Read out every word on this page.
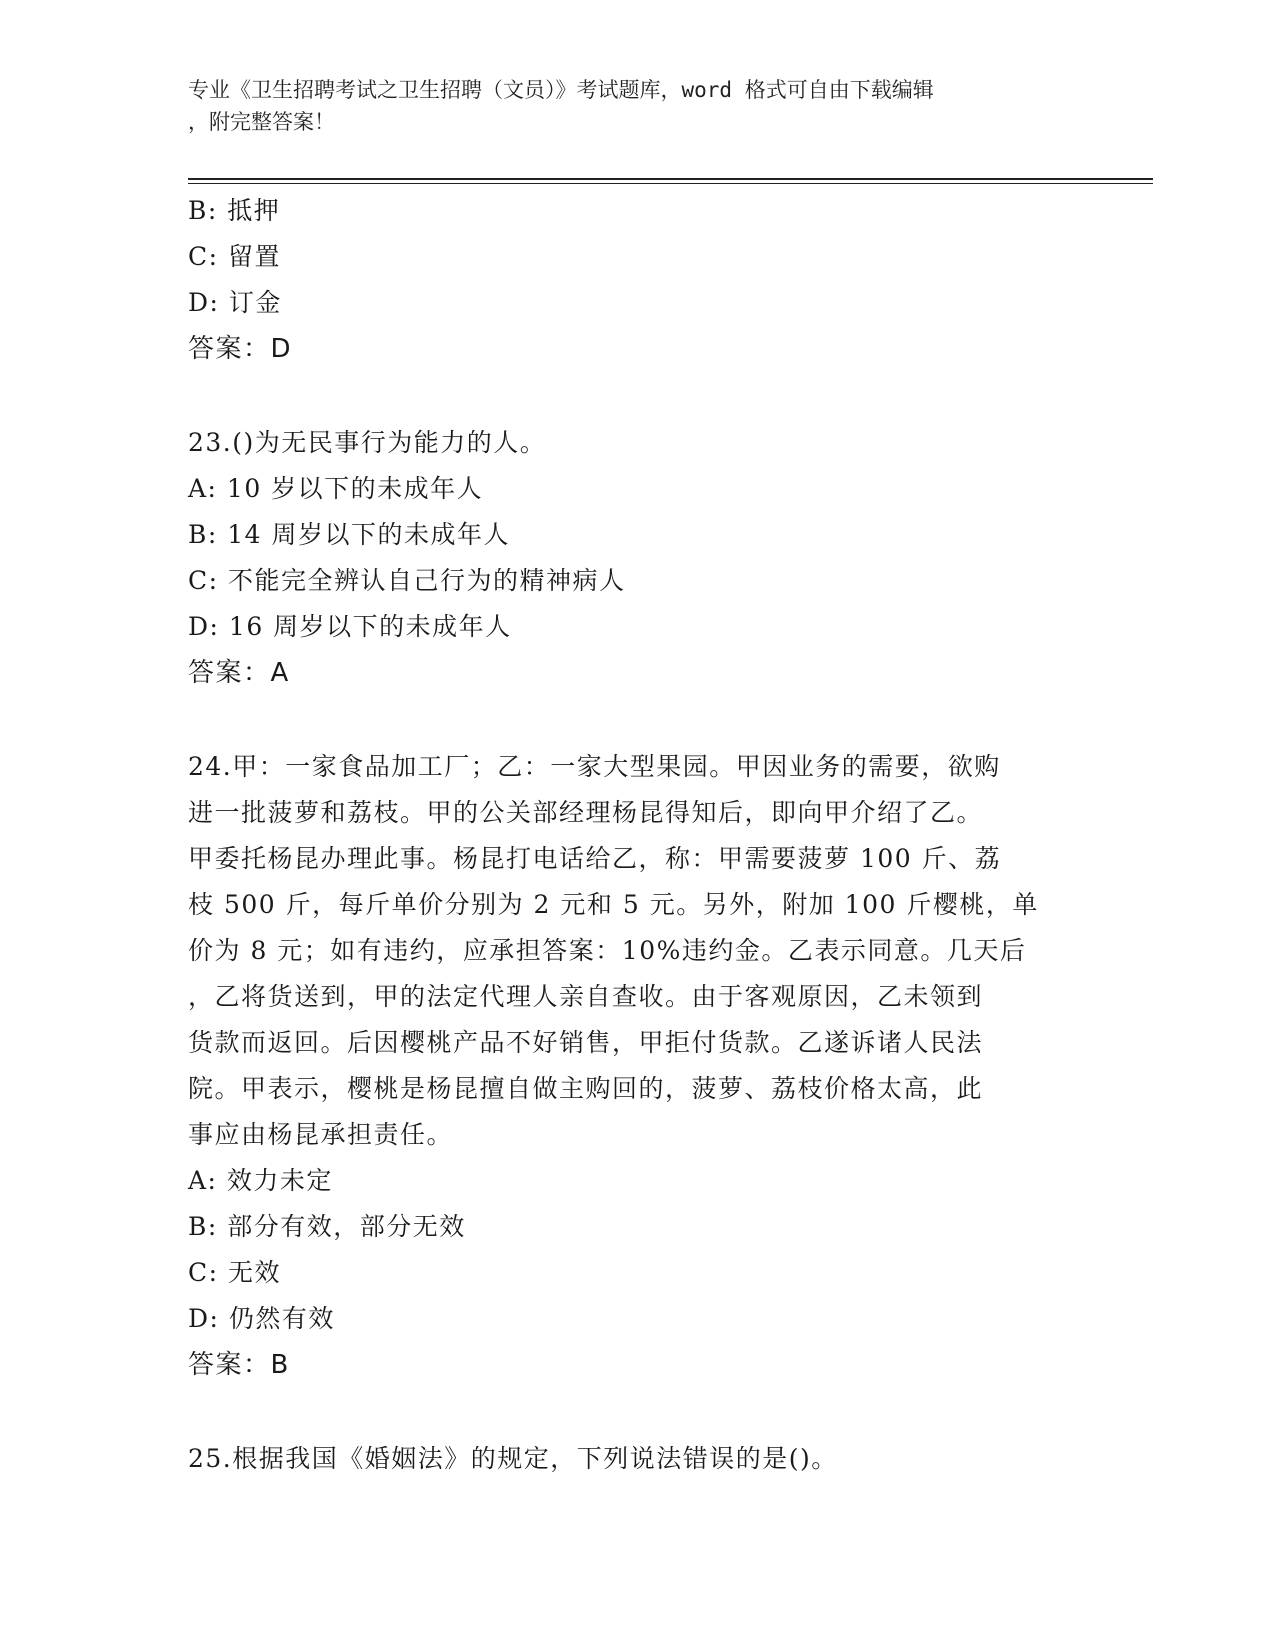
专业《卫生招聘考试之卫生招聘（文员）》考试题库，word 格式可自由下载编辑
，附完整答案！
B: 抵押
C: 留置
D: 订金
答案：D
23.()为无民事行为能力的人。
A: 10 岁以下的未成年人
B: 14 周岁以下的未成年人
C: 不能完全辨认自己行为的精神病人
D: 16 周岁以下的未成年人
答案：A
24.甲：一家食品加工厂；乙：一家大型果园。甲因业务的需要，欲购
进一批菠萝和荔枝。甲的公关部经理杨昆得知后，即向甲介绍了乙。
甲委托杨昆办理此事。杨昆打电话给乙，称：甲需要菠萝 100 斤、荔
枝 500 斤，每斤单价分别为 2 元和 5 元。另外，附加 100 斤樱桃，单
价为 8 元；如有违约，应承担答案：10%违约金。乙表示同意。几天后
，乙将货送到，甲的法定代理人亲自查收。由于客观原因，乙未领到
货款而返回。后因樱桃产品不好销售，甲拒付货款。乙遂诉诸人民法
院。甲表示，樱桃是杨昆擅自做主购回的，菠萝、荔枝价格太高，此
事应由杨昆承担责任。
A: 效力未定
B: 部分有效，部分无效
C: 无效
D: 仍然有效
答案：B
25.根据我国《婚姻法》的规定，下列说法错误的是()。
